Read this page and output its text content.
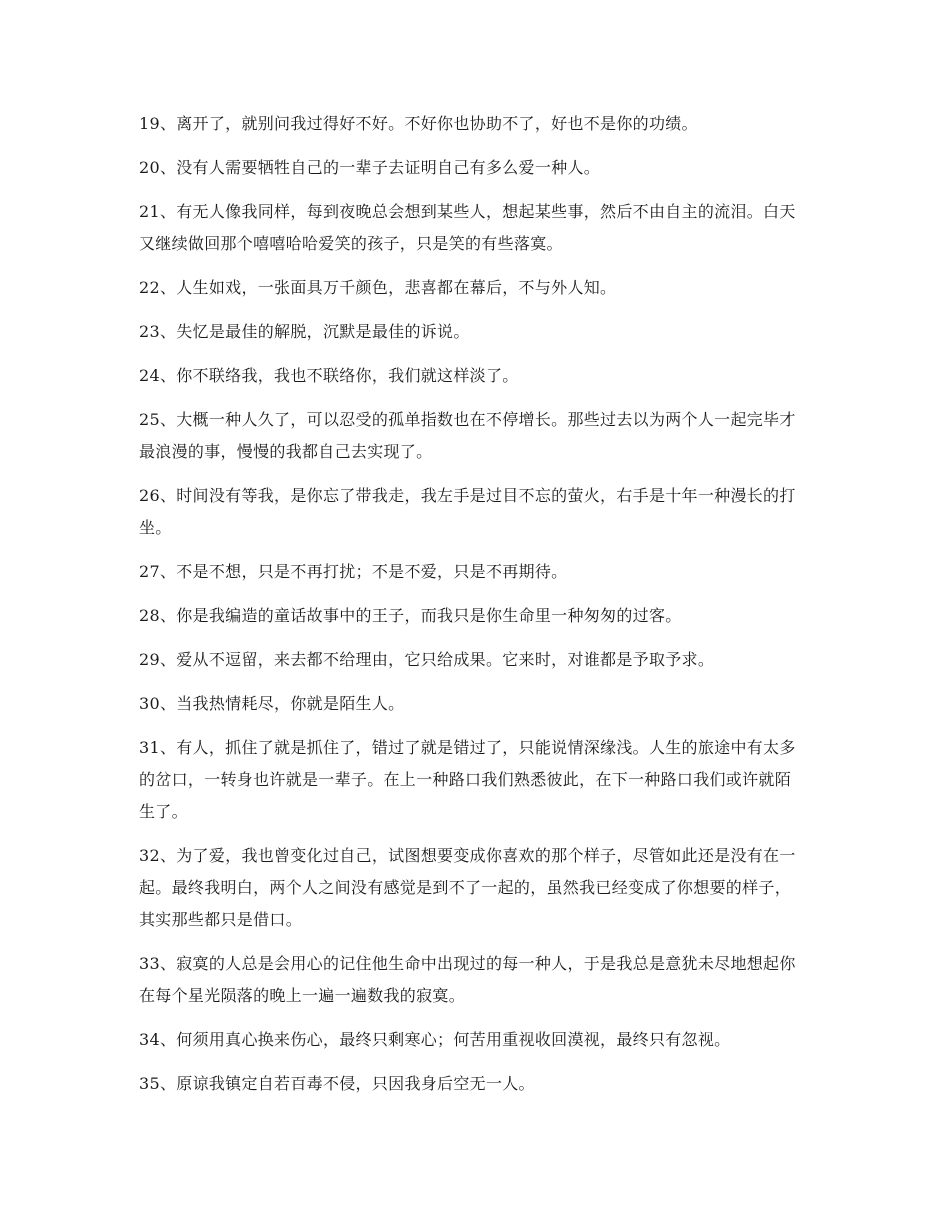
19、离开了，就别问我过得好不好。不好你也协助不了，好也不是你的功绩。

20、没有人需要牺牲自己的一辈子去证明自己有多么爱一种人。

21、有无人像我同样，每到夜晚总会想到某些人，想起某些事，然后不由自主的流泪。白天又继续做回那个嘻嘻哈哈爱笑的孩子，只是笑的有些落寞。

22、人生如戏，一张面具万千颜色，悲喜都在幕后，不与外人知。

23、失忆是最佳的解脱，沉默是最佳的诉说。

24、你不联络我，我也不联络你，我们就这样淡了。

25、大概一种人久了，可以忍受的孤单指数也在不停增长。那些过去以为两个人一起完毕才最浪漫的事，慢慢的我都自己去实现了。

26、时间没有等我，是你忘了带我走，我左手是过目不忘的萤火，右手是十年一种漫长的打坐。

27、不是不想，只是不再打扰；不是不爱，只是不再期待。

28、你是我编造的童话故事中的王子，而我只是你生命里一种匆匆的过客。

29、爱从不逗留，来去都不给理由，它只给成果。它来时，对谁都是予取予求。

30、当我热情耗尽，你就是陌生人。

31、有人，抓住了就是抓住了，错过了就是错过了，只能说情深缘浅。人生的旅途中有太多的岔口，一转身也许就是一辈子。在上一种路口我们熟悉彼此，在下一种路口我们或许就陌生了。

32、为了爱，我也曾变化过自己，试图想要变成你喜欢的那个样子，尽管如此还是没有在一起。最终我明白，两个人之间没有感觉是到不了一起的，虽然我已经变成了你想要的样子，其实那些都只是借口。

33、寂寞的人总是会用心的记住他生命中出现过的每一种人，于是我总是意犹未尽地想起你在每个星光陨落的晚上一遍一遍数我的寂寞。

34、何须用真心换来伤心，最终只剩寒心；何苦用重视收回漠视，最终只有忽视。

35、原谅我镇定自若百毒不侵，只因我身后空无一人。
